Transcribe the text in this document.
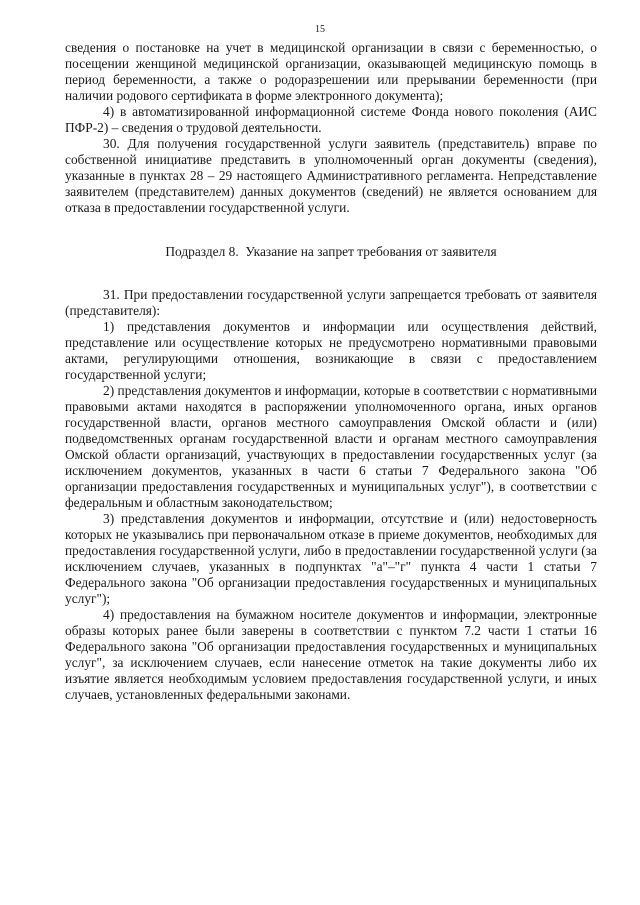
15

сведения о постановке на учет в медицинской организации в связи с беременностью, о посещении женщиной медицинской организации, оказывающей медицинскую помощь в период беременности, а также о родоразрешении или прерывании беременности (при наличии родового сертификата в форме электронного документа);

4) в автоматизированной информационной системе Фонда нового поколения (АИС ПФР-2) – сведения о трудовой деятельности.

30. Для получения государственной услуги заявитель (представитель) вправе по собственной инициативе представить в уполномоченный орган документы (сведения), указанные в пунктах 28 – 29 настоящего Административного регламента. Непредставление заявителем (представителем) данных документов (сведений) не является основанием для отказа в предоставлении государственной услуги.

Подраздел 8.  Указание на запрет требования от заявителя

31. При предоставлении государственной услуги запрещается требовать от заявителя (представителя):

1) представления документов и информации или осуществления действий, представление или осуществление которых не предусмотрено нормативными правовыми актами, регулирующими отношения, возникающие в связи с предоставлением государственной услуги;

2) представления документов и информации, которые в соответствии с нормативными правовыми актами находятся в распоряжении уполномоченного органа, иных органов государственной власти, органов местного самоуправления Омской области и (или) подведомственных органам государственной власти и органам местного самоуправления Омской области организаций, участвующих в предоставлении государственных услуг (за исключением документов, указанных в части 6 статьи 7 Федерального закона "Об организации предоставления государственных и муниципальных услуг"), в соответствии с федеральным и областным законодательством;

3) представления документов и информации, отсутствие и (или) недостоверность которых не указывались при первоначальном отказе в приеме документов, необходимых для предоставления государственной услуги, либо в предоставлении государственной услуги (за исключением случаев, указанных в подпунктах "а"–"г" пункта 4 части 1 статьи 7 Федерального закона "Об организации предоставления государственных и муниципальных услуг");

4) предоставления на бумажном носителе документов и информации, электронные образы которых ранее были заверены в соответствии с пунктом 7.2 части 1 статьи 16 Федерального закона "Об организации предоставления государственных и муниципальных услуг", за исключением случаев, если нанесение отметок на такие документы либо их изъятие является необходимым условием предоставления государственной услуги, и иных случаев, установленных федеральными законами.
